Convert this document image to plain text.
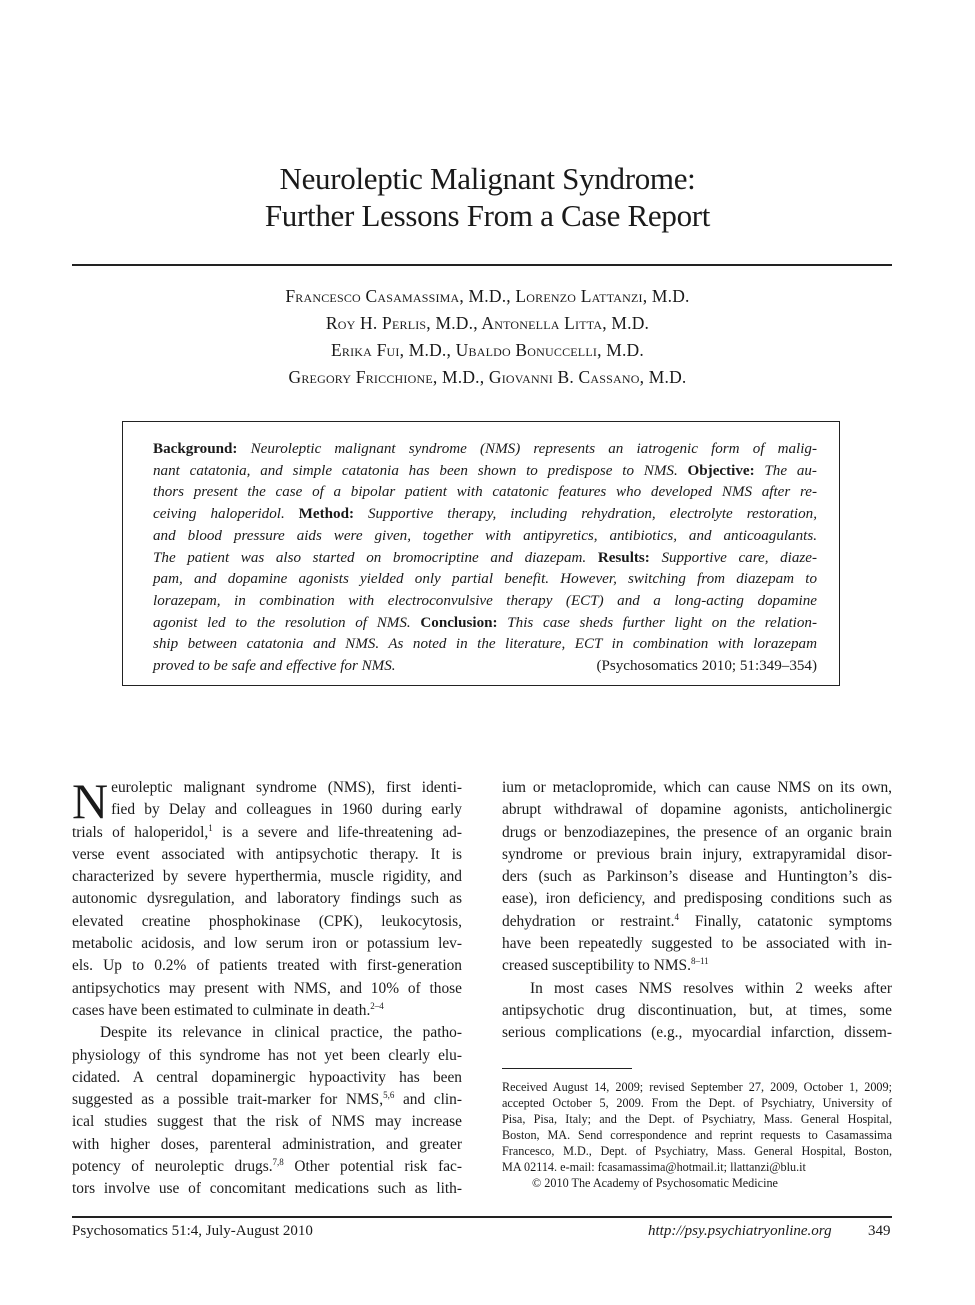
Neuroleptic Malignant Syndrome:
Further Lessons From a Case Report
Francesco Casamassima, M.D., Lorenzo Lattanzi, M.D.
Roy H. Perlis, M.D., Antonella Litta, M.D.
Erika Fui, M.D., Ubaldo Bonuccelli, M.D.
Gregory Fricchione, M.D., Giovanni B. Cassano, M.D.
Background: Neuroleptic malignant syndrome (NMS) represents an iatrogenic form of malig-
nant catatonia, and simple catatonia has been shown to predispose to NMS. Objective: The au-
thors present the case of a bipolar patient with catatonic features who developed NMS after re-
ceiving haloperidol. Method: Supportive therapy, including rehydration, electrolyte restoration,
and blood pressure aids were given, together with antipyretics, antibiotics, and anticoagulants.
The patient was also started on bromocriptine and diazepam. Results: Supportive care, diaze-
pam, and dopamine agonists yielded only partial benefit. However, switching from diazepam to
lorazepam, in combination with electroconvulsive therapy (ECT) and a long-acting dopamine
agonist led to the resolution of NMS. Conclusion: This case sheds further light on the relation-
ship between catatonia and NMS. As noted in the literature, ECT in combination with lorazepam
proved to be safe and effective for NMS.	(Psychosomatics 2010; 51:349–354)
N euroleptic malignant syndrome (NMS), first identi-
fied by Delay and colleagues in 1960 during early
trials of haloperidol,$^1$ is a severe and life-threatening ad-
verse event associated with antipsychotic therapy. It is
characterized by severe hyperthermia, muscle rigidity, and
autonomic dysregulation, and laboratory findings such as
elevated creatine phosphokinase (CPK), leukocytosis,
metabolic acidosis, and low serum iron or potassium lev-
els. Up to 0.2% of patients treated with first-generation
antipsychotics may present with NMS, and 10% of those
cases have been estimated to culminate in death.$^{2-4}$
Despite its relevance in clinical practice, the patho-
physiology of this syndrome has not yet been clearly elu-
cidated. A central dopaminergic hypoactivity has been
suggested as a possible trait-marker for NMS,$^{5,6}$ and clin-
ical studies suggest that the risk of NMS may increase
with higher doses, parenteral administration, and greater
potency of neuroleptic drugs.$^{7,8}$ Other potential risk fac-
tors involve use of concomitant medications such as lith-
ium or metaclopromide, which can cause NMS on its own,
abrupt withdrawal of dopamine agonists, anticholinergic
drugs or benzodiazepines, the presence of an organic brain
syndrome or previous brain injury, extrapyramidal disor-
ders (such as Parkinson’s disease and Huntington’s dis-
ease), iron deficiency, and predisposing conditions such as
dehydration or restraint.$^4$ Finally, catatonic symptoms
have been repeatedly suggested to be associated with in-
creased susceptibility to NMS.$^{8-11}$
In most cases NMS resolves within 2 weeks after
antipsychotic drug discontinuation, but, at times, some
serious complications (e.g., myocardial infarction, dissem-
Received August 14, 2009; revised September 27, 2009, October 1, 2009;
accepted October 5, 2009. From the Dept. of Psychiatry, University of
Pisa, Pisa, Italy; and the Dept. of Psychiatry, Mass. General Hospital,
Boston, MA. Send correspondence and reprint requests to Casamassima
Francesco, M.D., Dept. of Psychiatry, Mass. General Hospital, Boston,
MA 02114. e-mail: fcasamassima@hotmail.it; llattanzi@blu.it
© 2010 The Academy of Psychosomatic Medicine
Psychosomatics 51:4, July-August 2010	http://psy.psychiatryonline.org 349
